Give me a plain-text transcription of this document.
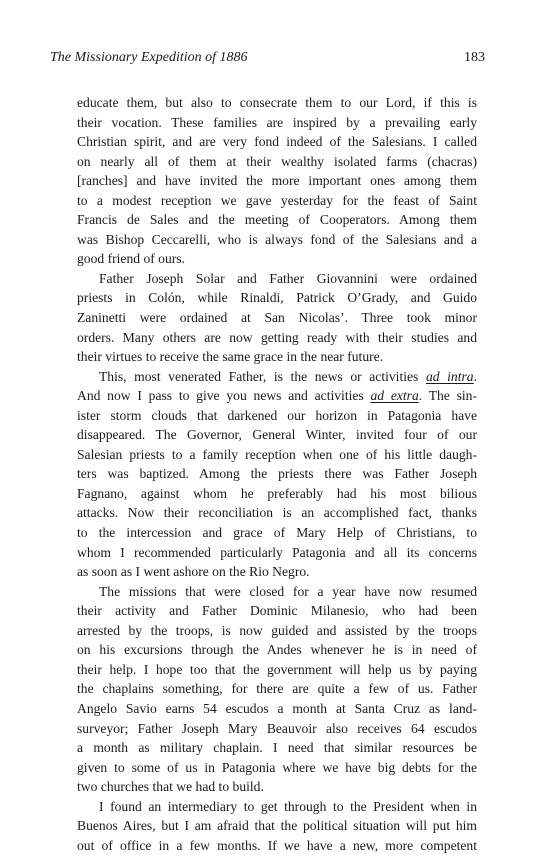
The Missionary Expedition of 1886	183

educate them, but also to consecrate them to our Lord, if this is
their vocation. These families are inspired by a prevailing early
Christian spirit, and are very fond indeed of the Salesians. I called
on nearly all of them at their wealthy isolated farms (chacras)
[ranches] and have invited the more important ones among them
to a modest reception we gave yesterday for the feast of Saint
Francis de Sales and the meeting of Cooperators. Among them
was Bishop Ceccarelli, who is always fond of the Salesians and a
good friend of ours.

Father Joseph Solar and Father Giovannini were ordained
priests in Colón, while Rinaldi, Patrick O’Grady, and Guido
Zaninetti were ordained at San Nicolas’. Three took minor
orders. Many others are now getting ready with their studies and
their virtues to receive the same grace in the near future.

This, most venerated Father, is the news or activities ad intra.
And now I pass to give you news and activities ad extra. The sin-
ister storm clouds that darkened our horizon in Patagonia have
disappeared. The Governor, General Winter, invited four of our
Salesian priests to a family reception when one of his little daugh-
ters was baptized. Among the priests there was Father Joseph
Fagnano, against whom he preferably had his most bilious
attacks. Now their reconciliation is an accomplished fact, thanks
to the intercession and grace of Mary Help of Christians, to
whom I recommended particularly Patagonia and all its concerns
as soon as I went ashore on the Rio Negro.

The missions that were closed for a year have now resumed
their activity and Father Dominic Milanesio, who had been
arrested by the troops, is now guided and assisted by the troops
on his excursions through the Andes whenever he is in need of
their help. I hope too that the government will help us by paying
the chaplains something, for there are quite a few of us. Father
Angelo Savio earns 54 escudos a month at Santa Cruz as land-
surveyor; Father Joseph Mary Beauvoir also receives 64 escudos
a month as military chaplain. I need that similar resources be
given to some of us in Patagonia where we have big debts for the
two churches that we had to build.

I found an intermediary to get through to the President when in
Buenos Aires, but I am afraid that the political situation will put him
out of office in a few months. If we have a new, more competent
